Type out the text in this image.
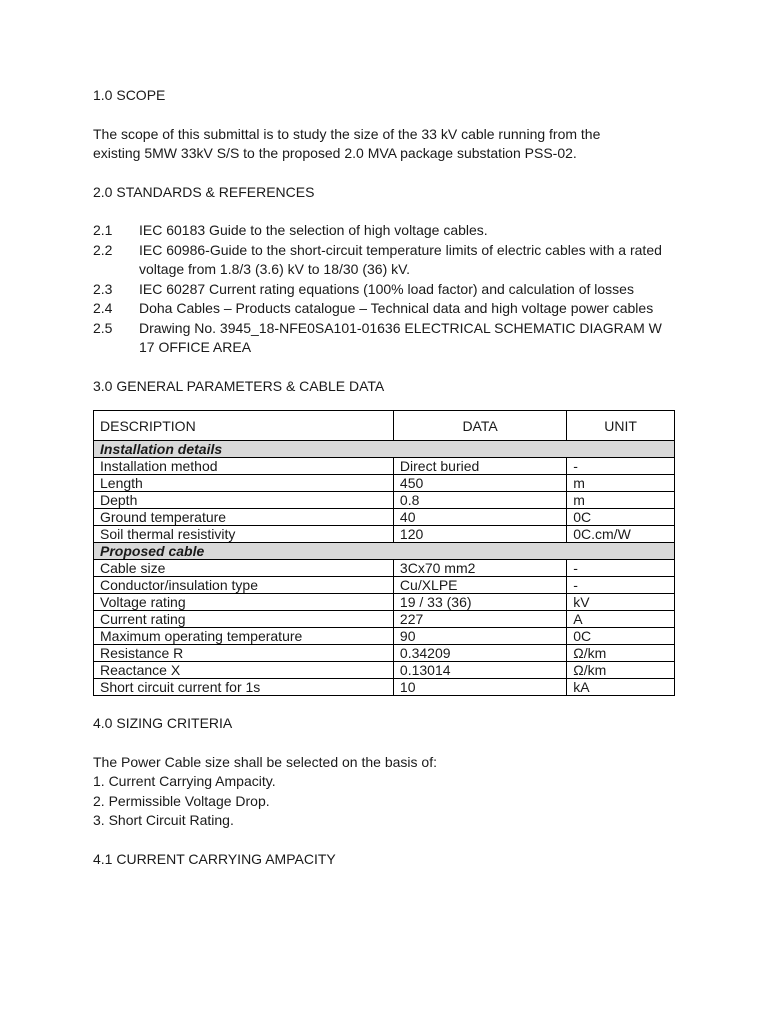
1.0 SCOPE

The scope of this submittal is to study the size of the 33 kV cable running from the
existing 5MW 33kV S/S to the proposed 2.0 MVA package substation PSS-02.

2.0 STANDARDS & REFERENCES
2.1	IEC 60183 Guide to the selection of high voltage cables.
2.2	IEC 60986-Guide to the short-circuit temperature limits of electric cables with a rated voltage from 1.8/3 (3.6) kV to 18/30 (36) kV.
2.3	IEC 60287 Current rating equations (100% load factor) and calculation of losses
2.4	Doha Cables – Products catalogue – Technical data and high voltage power cables
2.5	Drawing No. 3945_18-NFE0SA101-01636 ELECTRICAL SCHEMATIC DIAGRAM W 17 OFFICE AREA
3.0 GENERAL PARAMETERS & CABLE DATA
DESCRIPTION	DATA	UNIT
Installation details		
Installation method	Direct buried	-
Length	450	m
Depth	0.8	m
Ground temperature	40	0C
Soil thermal resistivity	120	0C.cm/W
Proposed cable		
Cable size	3Cx70 mm2	-
Conductor/insulation type	Cu/XLPE	-
Voltage rating	19 / 33 (36)	kV
Current rating	227	A
Maximum operating temperature	90	0C
Resistance R	0.34209	Ω/km
Reactance X	0.13014	Ω/km
Short circuit current for 1s	10	kA
4.0 SIZING CRITERIA

The Power Cable size shall be selected on the basis of:

1. Current Carrying Ampacity.

2. Permissible Voltage Drop.

3. Short Circuit Rating.

4.1 CURRENT CARRYING AMPACITY
